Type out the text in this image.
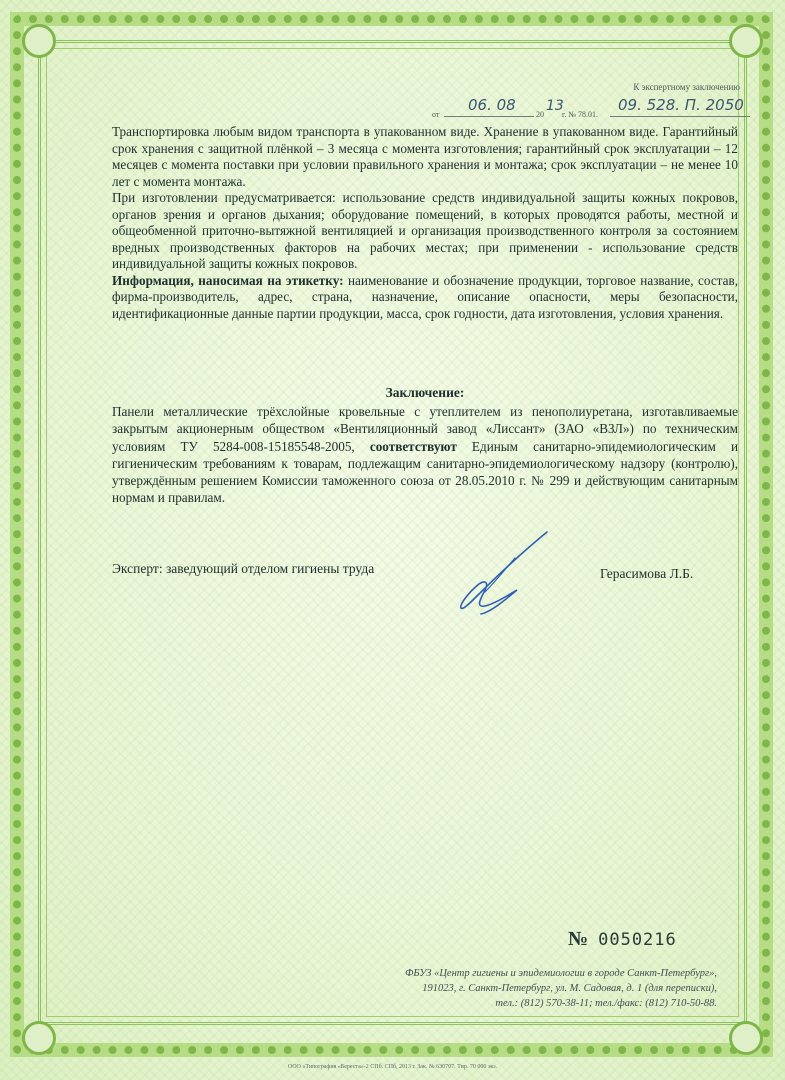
К экспертному заключению
от
06. 08
20
13
г. № 78.01.
09. 528. П. 2050

Транспортировка любым видом транспорта в упакованном виде. Хранение в упакованном виде. Гарантийный срок хранения с защитной плёнкой – 3 месяца с момента изготовления; гарантийный срок эксплуатации – 12 месяцев с момента поставки при условии правильного хранения и монтажа; срок эксплуатации – не менее 10 лет с момента монтажа.

При изготовлении предусматривается: использование средств индивидуальной защиты кожных покровов, органов зрения и органов дыхания; оборудование помещений, в которых проводятся работы, местной и общеобменной приточно-вытяжной вентиляцией и организация производственного контроля за состоянием вредных производственных факторов на рабочих местах; при применении - использование средств индивидуальной защиты кожных покровов.

Информация, наносимая на этикетку: наименование и обозначение продукции, торговое название, состав, фирма-производитель, адрес, страна, назначение, описание опасности, меры безопасности, идентификационные данные партии продукции, масса, срок годности, дата изготовления, условия хранения.

Заключение:
Панели металлические трёхслойные кровельные с утеплителем из пенополиуретана, изготавливаемые закрытым акционерным обществом «Вентиляционный завод «Лиссант» (ЗАО «ВЗЛ») по техническим условиям ТУ 5284-008-15185548-2005, соответствуют Единым санитарно-эпидемиологическим и гигиеническим требованиям к товарам, подлежащим санитарно-эпидемиологическому надзору (контролю), утверждённым решением Комиссии таможенного союза от 28.05.2010 г. № 299 и действующим санитарным нормам и правилам.
Эксперт: заведующий отделом гигиены труда	Герасимова Л.Б.
№ 0050216
ФБУЗ «Центр гигиены и эпидемиологии в городе Санкт-Петербург»,
191023, г. Санкт-Петербург, ул. М. Садовая, д. 1 (для переписки),
тел.: (812) 570-38-11; тел./факс: (812) 710-50-88.
ООО «Типография «Береста»-2 СПб. СПб, 2013 г. Зак. № 630707. Тир. 70 000 экз.
